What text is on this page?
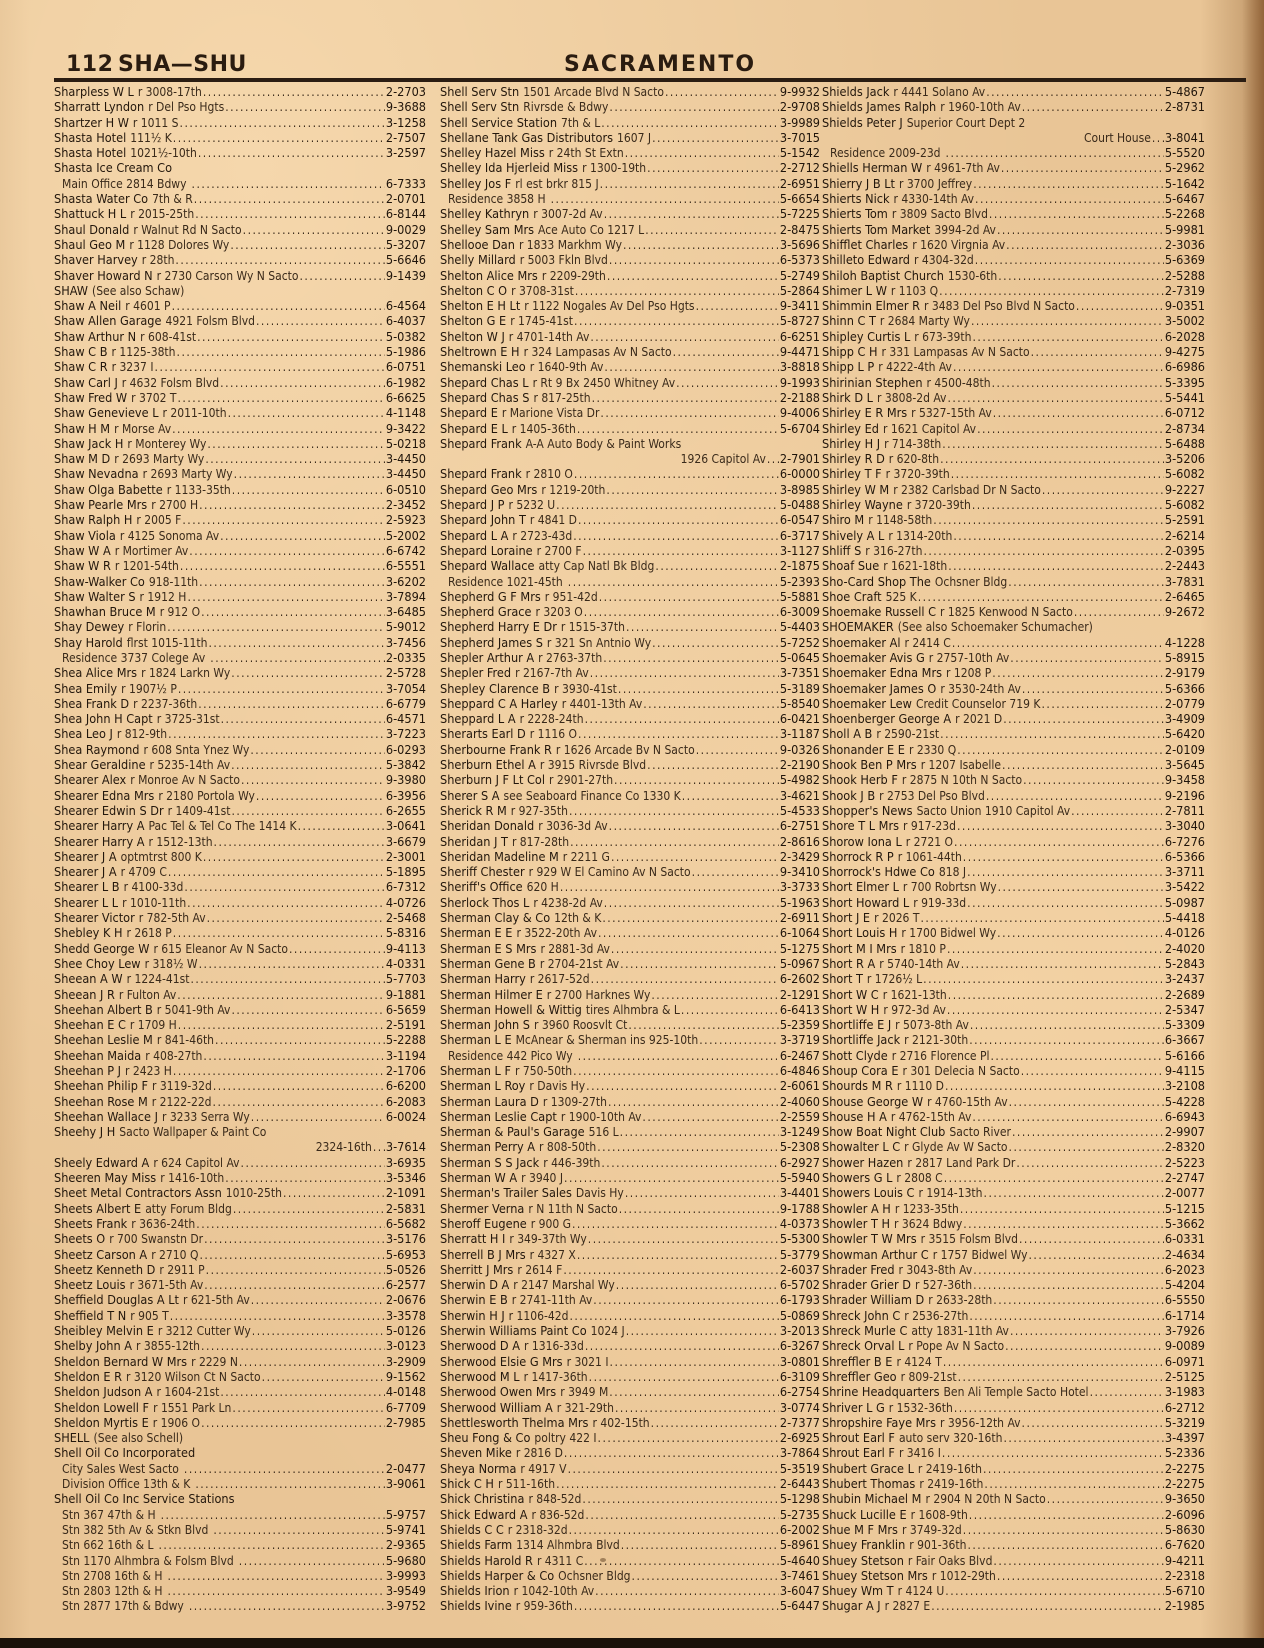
112 SHA—SHU	SACRAMENTO
Sharpless W L r 3008-17th .....	2-2703
Sharratt Lyndon r Del Pso Hgts .....	9-3688
Shartzer H W r 1011 S .....	3-1258
Shasta Hotel 111½ K .....	2-7507
Shasta Hotel 1021½-10th .....	3-2597
Shasta Ice Cream Co
Main Office 2814 Bdwy .....	6-7333
Shasta Water Co 7th & R .....	2-0701
Shattuck H L r 2015-25th .....	6-8144
Shaul Donald r Walnut Rd N Sacto .....	9-0029
Shaul Geo M r 1128 Dolores Wy .....	5-3207
Shaver Harvey r 28th .....	5-6646
Shaver Howard N r 2730 Carson Wy N Sacto .....	9-1439
SHAW (See also Schaw)
Shaw A Neil r 4601 P .....	6-4564
Shaw Allen Garage 4921 Folsm Blvd .....	6-4037
Shaw Arthur N r 608-41st .....	5-0382
Shaw C B r 1125-38th .....	5-1986
Shaw C R r 3237 I .....	6-0751
Shaw Carl J r 4632 Folsm Blvd .....	6-1982
Shaw Fred W r 3702 T .....	6-6625
Shaw Genevieve L r 2011-10th .....	4-1148
Shaw H M r Morse Av .....	9-3422
Shaw Jack H r Monterey Wy .....	5-0218
Shaw M D r 2693 Marty Wy .....	3-4450
Shaw Nevadna r 2693 Marty Wy .....	3-4450
Shaw Olga Babette r 1133-35th .....	6-0510
Shaw Pearle Mrs r 2700 H .....	2-3452
Shaw Ralph H r 2005 F .....	2-5923
Shaw Viola r 4125 Sonoma Av .....	5-2002
Shaw W A r Mortimer Av .....	6-6742
Shaw W R r 1201-54th .....	6-5551
Shaw-Walker Co 918-11th .....	3-6202
Shaw Walter S r 1912 H .....	3-7894
Shawhan Bruce M r 912 O .....	3-6485
Shay Dewey r Florin .....	5-9012
Shay Harold flrst 1015-11th .....	3-7456
Residence 3737 Colege Av .....	2-0335
Shea Alice Mrs r 1824 Larkn Wy .....	2-5728
Shea Emily r 1907½ P .....	3-7054
Shea Frank D r 2237-36th .....	6-6779
Shea John H Capt r 3725-31st .....	6-4571
Shea Leo J r 812-9th .....	3-7223
Shea Raymond r 608 Snta Ynez Wy .....	6-0293
Shear Geraldine r 5235-14th Av .....	5-3842
Shearer Alex r Monroe Av N Sacto .....	9-3980
Shearer Edna Mrs r 2180 Portola Wy .....	6-3956
Shearer Edwin S Dr r 1409-41st .....	6-2655
Shearer Harry A Pac Tel & Tel Co The 1414 K .....	3-0641
Shearer Harry A r 1512-13th .....	3-6679
Shearer J A optmtrst 800 K .....	2-3001
Shearer J A r 4709 C .....	5-1895
Shearer L B r 4100-33d .....	6-7312
Shearer L L r 1010-11th .....	4-0726
Shearer Victor r 782-5th Av .....	2-5468
Shebley K H r 2618 P .....	5-8316
Shedd George W r 615 Eleanor Av N Sacto .....	9-4113
Shee Choy Lew r 318½ W .....	4-0331
Sheean A W r 1224-41st .....	5-7703
Sheean J R r Fulton Av .....	9-1881
Sheehan Albert B r 5041-9th Av .....	6-5659
Sheehan E C r 1709 H .....	2-5191
Sheehan Leslie M r 841-46th .....	5-2288
Sheehan Maida r 408-27th .....	3-1194
Sheehan P J r 2423 H .....	2-1706
Sheehan Philip F r 3119-32d .....	6-6200
Sheehan Rose M r 2122-22d .....	6-2083
Sheehan Wallace J r 3233 Serra Wy .....	6-0024
Sheehy J H Sacto Wallpaper & Paint Co
2324-16th ..... 3-7614
Sheely Edward A r 624 Capitol Av .....	3-6935
Sheeren May Miss r 1416-10th .....	3-5346
Sheet Metal Contractors Assn 1010-25th .....	2-1091
Sheets Albert E atty Forum Bldg .....	2-5831
Sheets Frank r 3636-24th .....	6-5682
Sheets O r 700 Swanstn Dr .....	3-5176
Sheetz Carson A r 2710 Q .....	5-6953
Sheetz Kenneth D r 2911 P .....	5-0526
Sheetz Louis r 3671-5th Av .....	6-2577
Sheffield Douglas A Lt r 621-5th Av .....	2-0676
Sheffield T N r 905 T .....	3-3578
Sheibley Melvin E r 3212 Cutter Wy .....	5-0126
Shelby John A r 3855-12th .....	3-0123
Sheldon Bernard W Mrs r 2229 N .....	3-2909
Sheldon E R r 3120 Wilson Ct N Sacto .....	9-1562
Sheldon Judson A r 1604-21st .....	4-0148
Sheldon Lowell F r 1551 Park Ln .....	6-7709
Sheldon Myrtis E r 1906 O .....	2-7985
SHELL (See also Schell)
Shell Oil Co Incorporated
City Sales West Sacto .....	2-0477
Division Office 13th & K .....	3-9061
Shell Oil Co Inc Service Stations
Stn 367 47th & H .....	5-9757
Stn 382 5th Av & Stkn Blvd .....	5-9741
Stn 662 16th & L .....	2-9365
Stn 1170 Alhmbra & Folsm Blvd .....	5-9680
Stn 2708 16th & H .....	3-9993
Stn 2803 12th & H .....	3-9549
Stn 2877 17th & Bdwy .....	3-9752
Shell Serv Stn 1501 Arcade Blvd N Sacto .....	9-9932
Shell Serv Stn Rivrsde & Bdwy .....	2-9708
Shell Service Station 7th & L .....	3-9989
Shellane Tank Gas Distributors 1607 J .....	3-7015
Shelley Hazel Miss r 24th St Extn .....	5-1542
Shelley Ida Hjerleid Miss r 1300-19th .....	2-2712
Shelley Jos F rl est brkr 815 J .....	2-6951
Residence 3858 H .....	5-6654
Shelley Kathryn r 3007-2d Av .....	5-7225
Shelley Sam Mrs Ace Auto Co 1217 L .....	2-8475
Shellooe Dan r 1833 Markhm Wy .....	3-5696
Shelly Millard r 5003 Fkln Blvd .....	6-5373
Shelton Alice Mrs r 2209-29th .....	5-2749
Shelton C O r 3708-31st .....	5-2864
Shelton E H Lt r 1122 Nogales Av Del Pso Hgts .....	9-3411
Shelton G E r 1745-41st .....	5-8727
Shelton W J r 4701-14th Av .....	6-6251
Sheltrown E H r 324 Lampasas Av N Sacto .....	9-4471
Shemanski Leo r 1640-9th Av .....	3-8818
Shepard Chas L r Rt 9 Bx 2450 Whitney Av .....	9-1993
Shepard Chas S r 817-25th .....	2-2188
Shepard E r Marione Vista Dr .....	9-4006
Shepard E L r 1405-36th .....	5-6704
Shepard Frank A-A Auto Body & Paint Works
1926 Capitol Av ..... 2-7901
Shepard Frank r 2810 O .....	6-0000
Shepard Geo Mrs r 1219-20th .....	3-8985
Shepard J P r 5232 U .....	5-0488
Shepard John T r 4841 D .....	6-0547
Shepard L A r 2723-43d .....	6-3717
Shepard Loraine r 2700 F .....	3-1127
Shepard Wallace atty Cap Natl Bk Bldg .....	2-1875
Residence 1021-45th .....	5-2393
Shepherd G F Mrs r 951-42d .....	5-5881
Shepherd Grace r 3203 O .....	6-3009
Shepherd Harry E Dr r 1515-37th .....	5-4403
Shepherd James S r 321 Sn Antnio Wy .....	5-7252
Shepler Arthur A r 2763-37th .....	5-0645
Shepler Fred r 2167-7th Av .....	3-7351
Shepley Clarence B r 3930-41st .....	5-3189
Sheppard C A Harley r 4401-13th Av .....	5-8540
Sheppard L A r 2228-24th .....	6-0421
Sherarts Earl D r 1116 O .....	3-1187
Sherbourne Frank R r 1626 Arcade Bv N Sacto .....	9-0326
Sherburn Ethel A r 3915 Rivrsde Blvd .....	2-2190
Sherburn J F Lt Col r 2901-27th .....	5-4982
Sherer S A see Seaboard Finance Co 1330 K .....	3-4621
Sherick R M r 927-35th .....	5-4533
Sheridan Donald r 3036-3d Av .....	6-2751
Sheridan J T r 817-28th .....	2-8616
Sheridan Madeline M r 2211 G .....	2-3429
Sheriff Chester r 929 W El Camino Av N Sacto .....	9-3410
Sheriff's Office 620 H .....	3-3733
Sherlock Thos L r 4238-2d Av .....	5-1963
Sherman Clay & Co 12th & K .....	2-6911
Sherman E E r 3522-20th Av .....	6-1064
Sherman E S Mrs r 2881-3d Av .....	5-1275
Sherman Gene B r 2704-21st Av .....	5-0967
Sherman Harry r 2617-52d .....	6-2602
Sherman Hilmer E r 2700 Harknes Wy .....	2-1291
Sherman Howell & Wittig tires Alhmbra & L .....	6-6413
Sherman John S r 3960 Roosvlt Ct .....	5-2359
Sherman L E McAnear & Sherman ins 925-10th .....	3-3719
Residence 442 Pico Wy .....	6-2467
Sherman L F r 750-50th .....	6-4846
Sherman L Roy r Davis Hy .....	2-6061
Sherman Laura D r 1309-27th .....	2-4060
Sherman Leslie Capt r 1900-10th Av .....	2-2559
Sherman & Paul's Garage 516 L .....	3-1249
Sherman Perry A r 808-50th .....	5-2308
Sherman S S Jack r 446-39th .....	6-2927
Sherman W A r 3940 J .....	5-5940
Sherman's Trailer Sales Davis Hy .....	3-4401
Shermer Verna r N 11th N Sacto .....	9-1788
Sheroff Eugene r 900 G .....	4-0373
Sherratt H I r 349-37th Wy .....	5-5300
Sherrell B J Mrs r 4327 X .....	5-3779
Sherritt J Mrs r 2614 F .....	2-6037
Sherwin D A r 2147 Marshal Wy .....	6-5702
Sherwin E B r 2741-11th Av .....	6-1793
Sherwin H J r 1106-42d .....	5-0869
Sherwin Williams Paint Co 1024 J .....	3-2013
Sherwood D A r 1316-33d .....	6-3267
Sherwood Elsie G Mrs r 3021 I .....	3-0801
Sherwood M L r 1417-36th .....	6-3109
Sherwood Owen Mrs r 3949 M .....	6-2754
Sherwood William A r 321-29th .....	3-0774
Shettlesworth Thelma Mrs r 402-15th .....	2-7377
Sheu Fong & Co poltry 422 I .....	2-6925
Sheven Mike r 2816 D .....	3-7864
Sheya Norma r 4917 V .....	5-3519
Shick C H r 511-16th .....	2-6443
Shick Christina r 848-52d .....	5-1298
Shick Edward A r 836-52d .....	5-2735
Shields C C r 2318-32d .....	6-2002
Shields Farm 1314 Alhmbra Blvd .....	5-8961
Shields Harold R r 4311 C .....	5-4640
Shields Harper & Co Ochsner Bldg .....	3-7461
Shields Irion r 1042-10th Av .....	3-6047
Shields Ivine r 959-36th .....	5-6447
Shields Jack r 4441 Solano Av .....	5-4867
Shields James Ralph r 1960-10th Av .....	2-8731
Shields Peter J Superior Court Dept 2
Court House ..... 3-8041
Residence 2009-23d .....	5-5520
Shiells Herman W r 4961-7th Av .....	5-2962
Shierry J B Lt r 3700 Jeffrey .....	5-1642
Shierts Nick r 4330-14th Av .....	5-6467
Shierts Tom r 3809 Sacto Blvd .....	5-2268
Shierts Tom Market 3994-2d Av .....	5-9981
Shifflet Charles r 1620 Virgnia Av .....	2-3036
Shilleto Edward r 4304-32d .....	5-6369
Shiloh Baptist Church 1530-6th .....	2-5288
Shimer L W r 1103 Q .....	2-7319
Shimmin Elmer R r 3483 Del Pso Blvd N Sacto .....	9-0351
Shinn C T r 2684 Marty Wy .....	3-5002
Shipley Curtis L r 673-39th .....	6-2028
Shipp C H r 331 Lampasas Av N Sacto .....	9-4275
Shipp L P r 4222-4th Av .....	6-6986
Shirinian Stephen r 4500-48th .....	5-3395
Shirk D L r 3808-2d Av .....	5-5441
Shirley E R Mrs r 5327-15th Av .....	6-0712
Shirley Ed r 1621 Capitol Av .....	2-8734
Shirley H J r 714-38th .....	5-6488
Shirley R D r 620-8th .....	3-5206
Shirley T F r 3720-39th .....	5-6082
Shirley W M r 2382 Carlsbad Dr N Sacto .....	9-2227
Shirley Wayne r 3720-39th .....	5-6082
Shiro M r 1148-58th .....	5-2591
Shively A L r 1314-20th .....	2-6214
Shliff S r 316-27th .....	2-0395
Shoaf Sue r 1621-18th .....	2-2443
Sho-Card Shop The Ochsner Bldg .....	3-7831
Shoe Craft 525 K .....	2-6465
Shoemake Russell C r 1825 Kenwood N Sacto .....	9-2672
SHOEMAKER (See also Schoemaker Schumacher)
Shoemaker Al r 2414 C .....	4-1228
Shoemaker Avis G r 2757-10th Av .....	5-8915
Shoemaker Edna Mrs r 1208 P .....	2-9179
Shoemaker James O r 3530-24th Av .....	5-6366
Shoemaker Lew Credit Counselor 719 K .....	2-0779
Shoenberger George A r 2021 D .....	3-4909
Sholl A B r 2590-21st .....	5-6420
Shonander E E r 2330 Q .....	2-0109
Shook Ben P Mrs r 1207 Isabelle .....	3-5645
Shook Herb F r 2875 N 10th N Sacto .....	9-3458
Shook J B r 2753 Del Pso Blvd .....	9-2196
Shopper's News Sacto Union 1910 Capitol Av .....	2-7811
Shore T L Mrs r 917-23d .....	3-3040
Shorow Iona L r 2721 O .....	6-7276
Shorrock R P r 1061-44th .....	6-5366
Shorrock's Hdwe Co 818 J .....	3-3711
Short Elmer L r 700 Robrtsn Wy .....	3-5422
Short Howard L r 919-33d .....	5-0987
Short J E r 2026 T .....	5-4418
Short Louis H r 1700 Bidwel Wy .....	4-0126
Short M I Mrs r 1810 P .....	2-4020
Short R A r 5740-14th Av .....	5-2843
Short T r 1726½ L .....	3-2437
Short W C r 1621-13th .....	2-2689
Short W H r 972-3d Av .....	2-5347
Shortliffe E J r 5073-8th Av .....	5-3309
Shortliffe Jack r 2121-30th .....	6-3667
Shott Clyde r 2716 Florence Pl .....	5-6166
Shoup Cora E r 301 Delecia N Sacto .....	9-4115
Shourds M R r 1110 D .....	3-2108
Shouse George W r 4760-15th Av .....	5-4228
Shouse H A r 4762-15th Av .....	6-6943
Show Boat Night Club Sacto River .....	2-9907
Showalter L C r Glyde Av W Sacto .....	2-8320
Shower Hazen r 2817 Land Park Dr .....	2-5223
Showers G L r 2808 C .....	2-2747
Showers Louis C r 1914-13th .....	2-0077
Showler A H r 1233-35th .....	5-1215
Showler T H r 3624 Bdwy .....	5-3662
Showler T W Mrs r 3515 Folsm Blvd .....	6-0331
Showman Arthur C r 1757 Bidwel Wy .....	2-4634
Shrader Fred r 3043-8th Av .....	6-2023
Shrader Grier D r 527-36th .....	5-4204
Shrader William D r 2633-28th .....	6-5550
Shreck John C r 2536-27th .....	6-1714
Shreck Murle C atty 1831-11th Av .....	3-7926
Shreck Orval L r Pope Av N Sacto .....	9-0089
Shreffler B E r 4124 T .....	6-0971
Shreffler Geo r 809-21st .....	2-5125
Shrine Headquarters Ben Ali Temple Sacto Hotel .....	3-1983
Shriver L G r 1532-36th .....	6-2712
Shropshire Faye Mrs r 3956-12th Av .....	5-3219
Shrout Earl F auto serv 320-16th .....	3-4397
Shrout Earl F r 3416 I .....	5-2336
Shubert Grace L r 2419-16th .....	2-2275
Shubert Thomas r 2419-16th .....	2-2275
Shubin Michael M r 2904 N 20th N Sacto .....	9-3650
Shuck Lucille E r 1608-9th .....	2-6096
Shue M F Mrs r 3749-32d .....	5-8630
Shuey Franklin r 901-36th .....	6-7620
Shuey Stetson r Fair Oaks Blvd .....	9-4211
Shuey Stetson Mrs r 1012-29th .....	2-2318
Shuey Wm T r 4124 U .....	5-6710
Shugar A J r 2827 E .....	2-1985
